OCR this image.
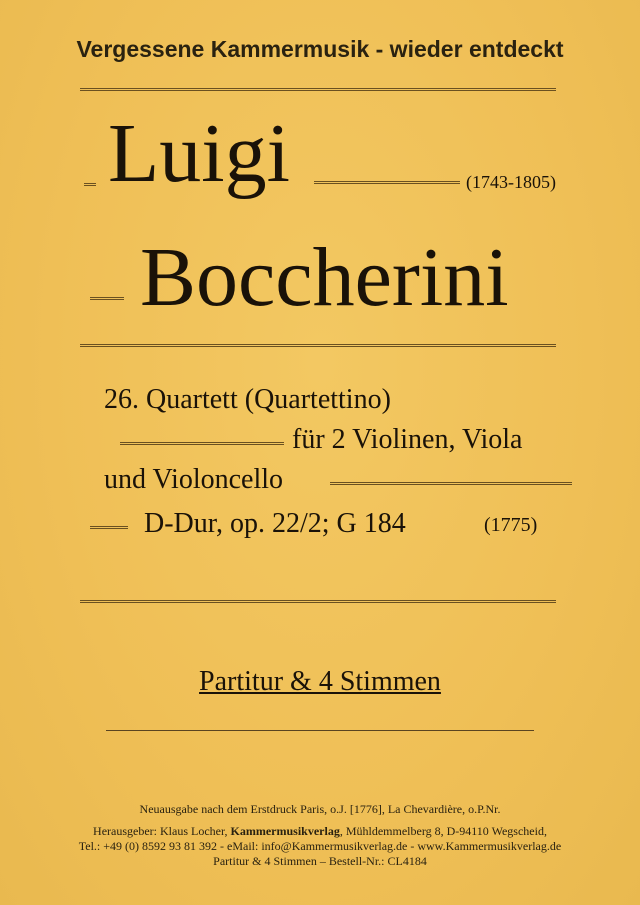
Vergessene Kammermusik - wieder entdeckt
Luigi	(1743-1805)
Boccherini
26. Quartett (Quartettino)
für 2 Violinen, Viola
und Violoncello
D-Dur, op. 22/2; G 184	(1775)
Partitur & 4 Stimmen
Neuausgabe nach dem Erstdruck Paris, o.J. [1776], La Chevardière, o.P.Nr.
Herausgeber: Klaus Locher, Kammermusikverlag, Mühldemmelberg 8, D-94110 Wegscheid,
Tel.: +49 (0) 8592 93 81 392 - eMail: info@Kammermusikverlag.de - www.Kammermusikverlag.de
Partitur & 4 Stimmen – Bestell-Nr.: CL4184
